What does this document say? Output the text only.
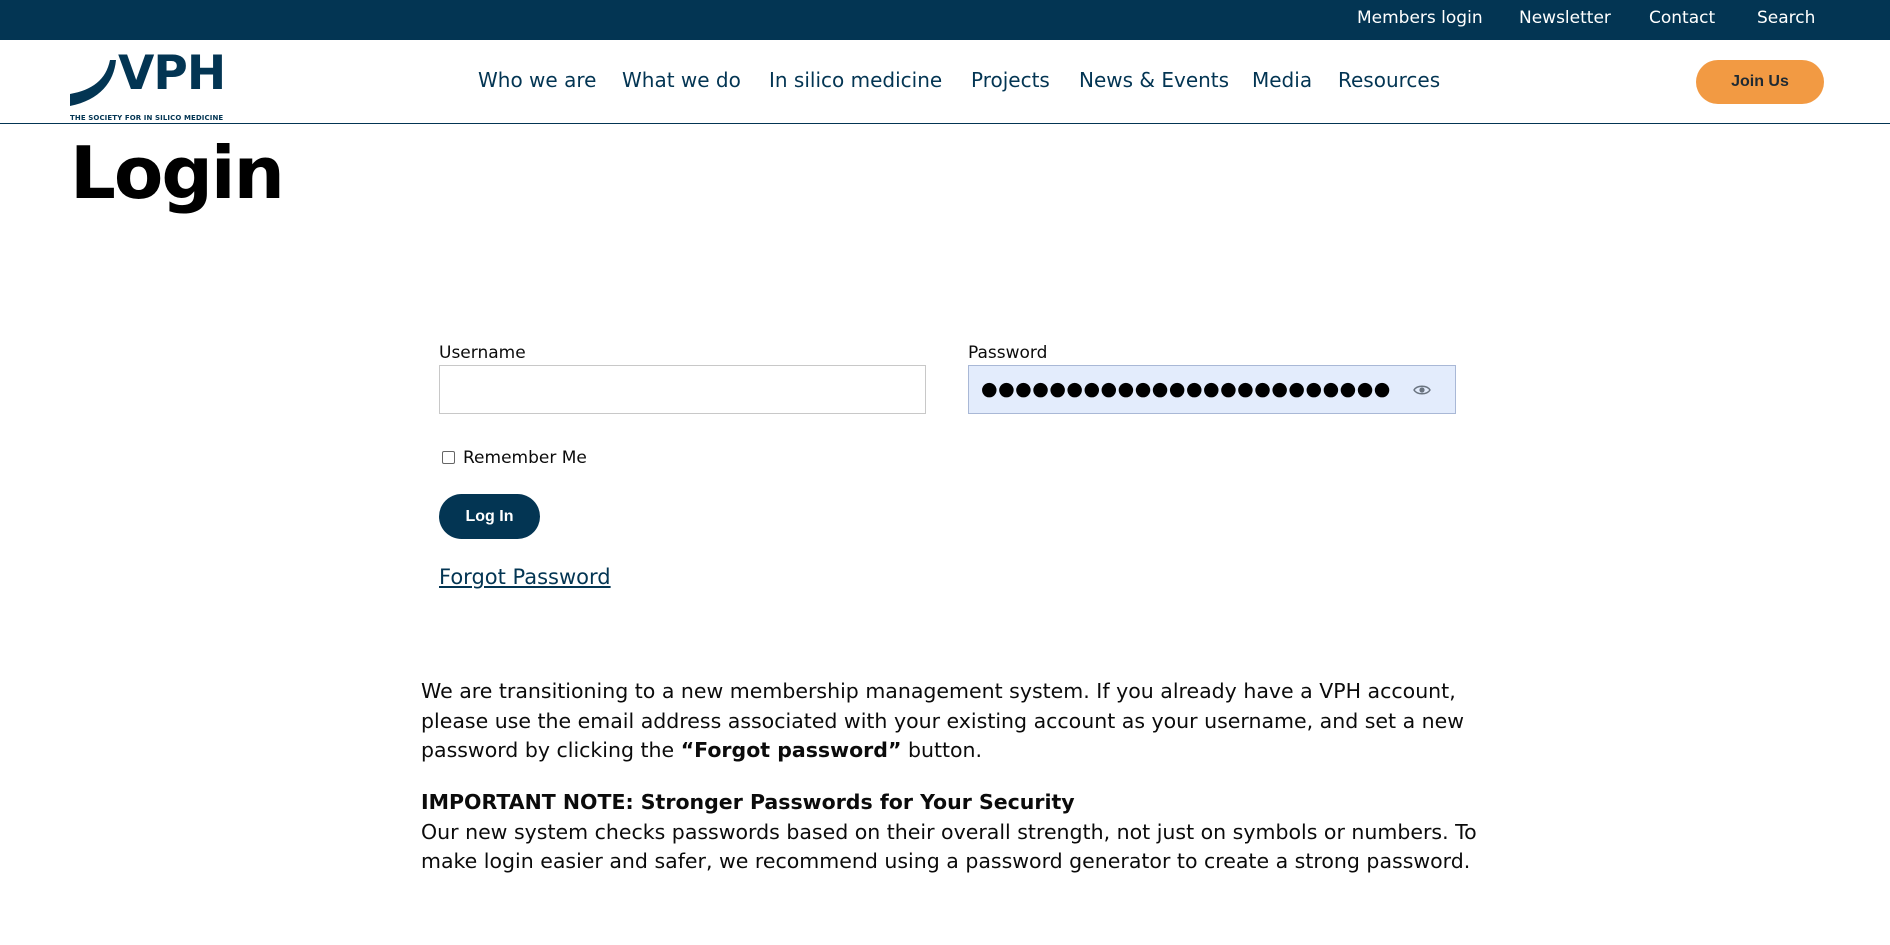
Members login Newsletter Contact Search
VPH
THE SOCIETY FOR IN SILICO MEDICINE
Who we are What we do In silico medicine Projects News & Events Media Resources	Join Us
Login
Username	Password
●●●●●●●●●●●●●●●●●●●●●●●●
Remember Me
Log In
Forgot Password

We are transitioning to a new membership management system. If you already have a VPH account, please use the email address associated with your existing account as your username, and set a new password by clicking the “Forgot password” button.

IMPORTANT NOTE: Stronger Passwords for Your Security
Our new system checks passwords based on their overall strength, not just on symbols or numbers. To make login easier and safer, we recommend using a password generator to create a strong password.
